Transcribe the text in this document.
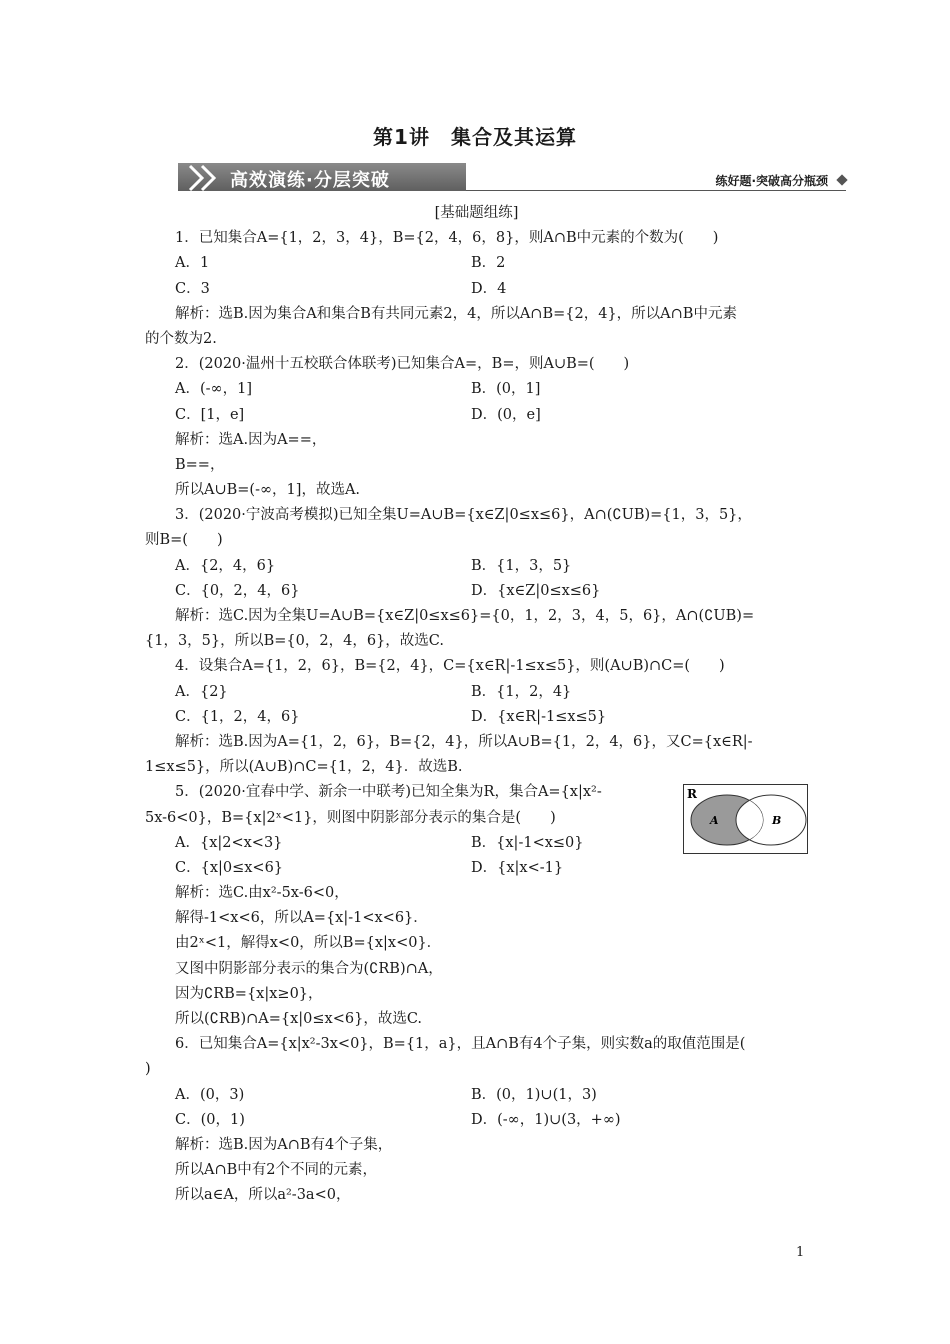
第1讲　集合及其运算
高效演练·分层突破	练好题·突破高分瓶颈
[基础题组练]
1．已知集合A={1，2，3，4}，B={2，4，6，8}，则A∩B中元素的个数为(　　)
A．1	B．2
C．3	D．4
解析：选B.因为集合A和集合B有共同元素2，4，所以A∩B={2，4}，所以A∩B中元素
的个数为2.
2．(2020·温州十五校联合体联考)已知集合A=，B=，则A∪B=(　　)
A．(-∞，1]	B．(0，1]
C．[1，e]	D．(0，e]
解析：选A.因为A==，
B==，
所以A∪B=(-∞，1]，故选A.
3．(2020·宁波高考模拟)已知全集U=A∪B={x∈Z|0≤x≤6}，A∩(∁UB)={1，3，5}，
则B=(　　)
A．{2，4，6}	B．{1，3，5}
C．{0，2，4，6}	D．{x∈Z|0≤x≤6}
解析：选C.因为全集U=A∪B={x∈Z|0≤x≤6}={0，1，2，3，4，5，6}，A∩(∁UB)=
{1，3，5}，所以B={0，2，4，6}，故选C.
4．设集合A={1，2，6}，B={2，4}，C={x∈R|-1≤x≤5}，则(A∪B)∩C=(　　)
A．{2}	B．{1，2，4}
C．{1，2，4，6}	D．{x∈R|-1≤x≤5}
解析：选B.因为A={1，2，6}，B={2，4}，所以A∪B={1，2，4，6}，又C={x∈R|-
1≤x≤5}，所以(A∪B)∩C={1，2，4}．故选B.
5．(2020·宜春中学、新余一中联考)已知全集为R，集合A={x|x²-
5x-6<0}，B={x|2ˣ<1}，则图中阴影部分表示的集合是(　　)
A．{x|2<x<3}	B．{x|-1<x≤0}
C．{x|0≤x<6}	D．{x|x<-1}
解析：选C.由x²-5x-6<0，
解得-1<x<6，所以A={x|-1<x<6}．
由2ˣ<1，解得x<0，所以B={x|x<0}．
又图中阴影部分表示的集合为(∁RB)∩A，
因为∁RB={x|x≥0}，
所以(∁RB)∩A={x|0≤x<6}，故选C.
6．已知集合A={x|x²-3x<0}，B={1，a}，且A∩B有4个子集，则实数a的取值范围是(
)
A．(0，3)	B．(0，1)∪(1，3)
C．(0，1)	D．(-∞，1)∪(3，+∞)
解析：选B.因为A∩B有4个子集，
所以A∩B中有2个不同的元素，
所以a∈A，所以a²-3a<0，
R
A	B
1
